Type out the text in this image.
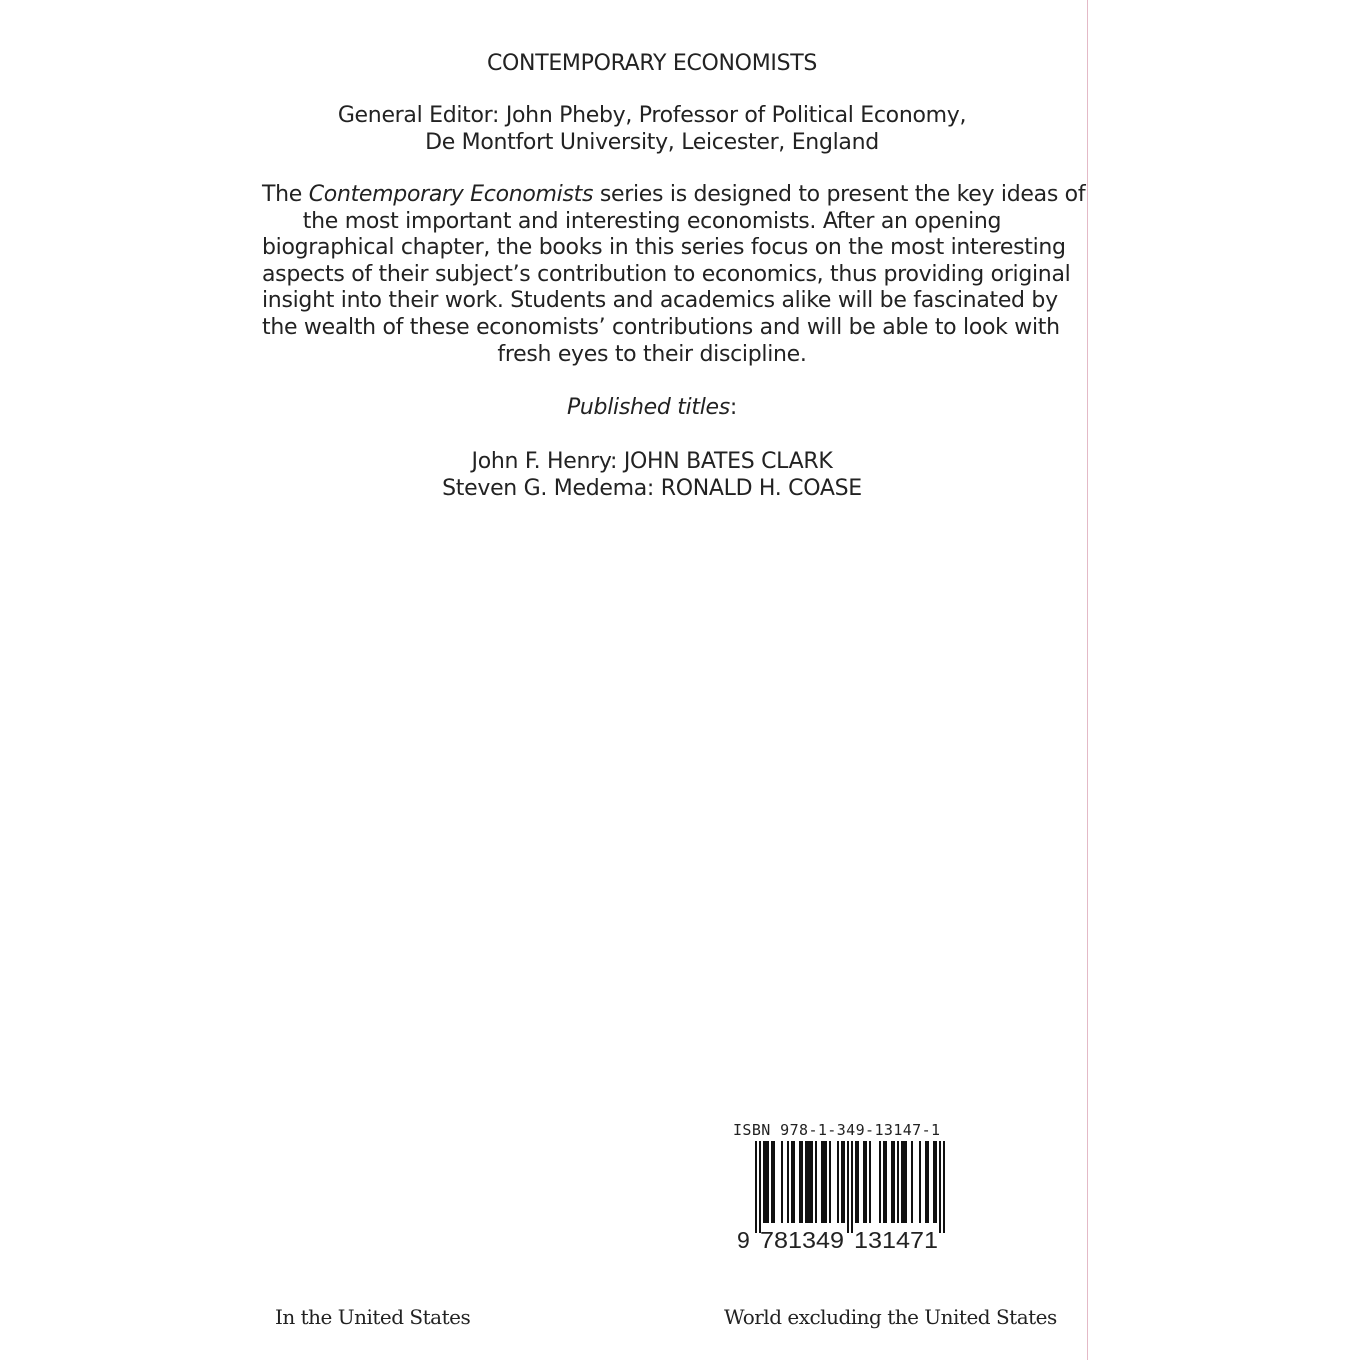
CONTEMPORARY ECONOMISTS
General Editor: John Pheby, Professor of Political Economy,
De Montfort University, Leicester, England
The Contemporary Economists series is designed to present the key ideas of
the most important and interesting economists. After an opening
biographical chapter, the books in this series focus on the most interesting
aspects of their subject’s contribution to economics, thus providing original
insight into their work. Students and academics alike will be fascinated by
the wealth of these economists’ contributions and will be able to look with
fresh eyes to their discipline.
Published titles:
John F. Henry: JOHN BATES CLARK
Steven G. Medema: RONALD H. COASE
ISBN 978-1-349-13147-1
9 781349 131471
In the United States	World excluding the United States
